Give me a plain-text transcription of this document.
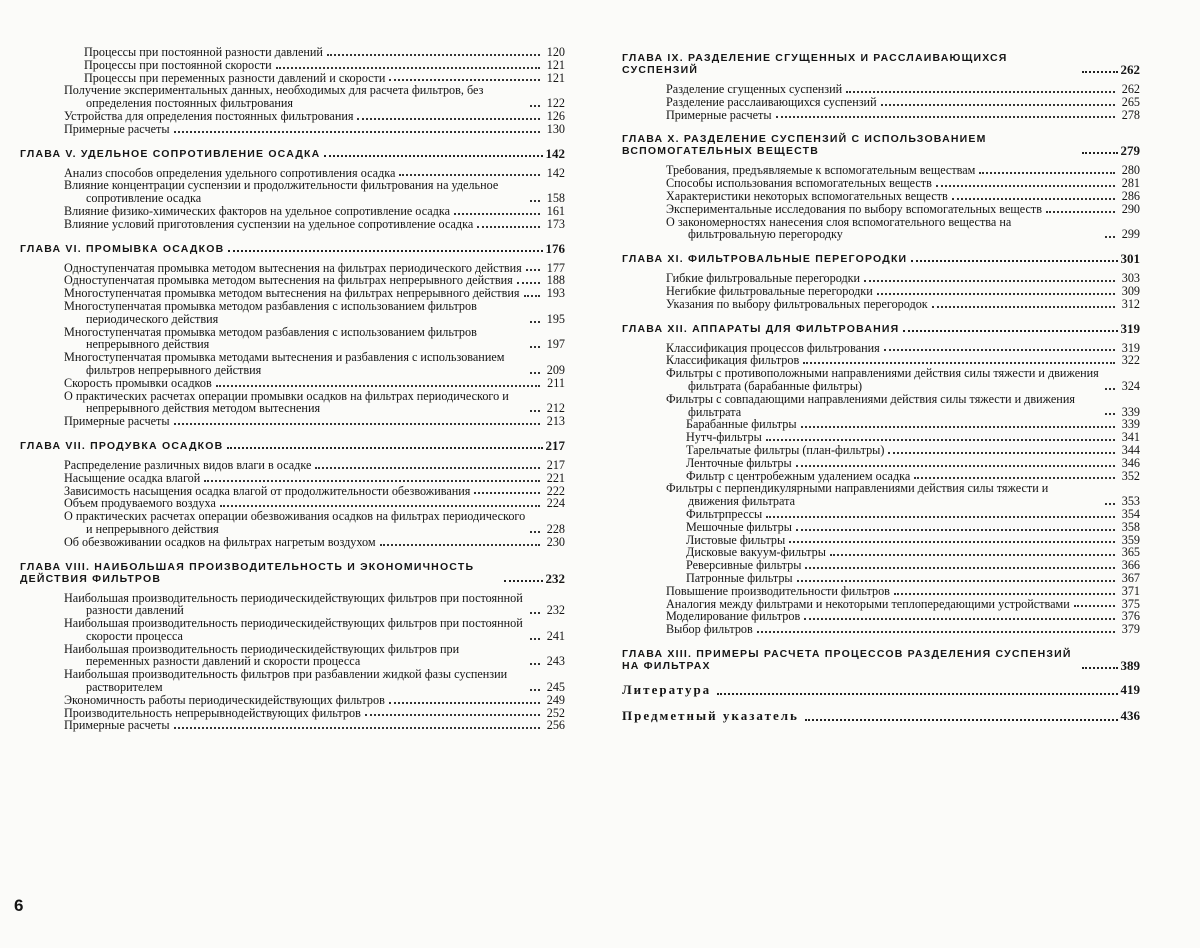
Процессы при постоянной разности давлений	120
Процессы при постоянной скорости	121
Процессы при переменных разности давлений и скорости	121
Получение экспериментальных данных, необходимых для расчета фильтров, без определения постоянных фильтрования	122
Устройства для определения постоянных фильтрования	126
Примерные расчеты	130
ГЛАВА V. УДЕЛЬНОЕ СОПРОТИВЛЕНИЕ ОСАДКА	142
Анализ способов определения удельного сопротивления осадка	142
Влияние концентрации суспензии и продолжительности фильтрования на удельное сопротивление осадка	158
Влияние физико-химических факторов на удельное сопротивление осадка	161
Влияние условий приготовления суспензии на удельное сопротивление осадка	173
ГЛАВА VI. ПРОМЫВКА ОСАДКОВ	176
Одноступенчатая промывка методом вытеснения на фильтрах периодического действия	177
Одноступенчатая промывка методом вытеснения на фильтрах непрерывного действия	188
Многоступенчатая промывка методом вытеснения на фильтрах непрерывного действия	193
Многоступенчатая промывка методом разбавления с использованием фильтров периодического действия	195
Многоступенчатая промывка методом разбавления с использованием фильтров непрерывного действия	197
Многоступенчатая промывка методами вытеснения и разбавления с использованием фильтров непрерывного действия	209
Скорость промывки осадков	211
О практических расчетах операции промывки осадков на фильтрах периодического и непрерывного действия методом вытеснения	212
Примерные расчеты	213
ГЛАВА VII. ПРОДУВКА ОСАДКОВ	217
Распределение различных видов влаги в осадке	217
Насыщение осадка влагой	221
Зависимость насыщения осадка влагой от продолжительности обезвоживания	222
Объем продуваемого воздуха	224
О практических расчетах операции обезвоживания осадков на фильтрах периодического и непрерывного действия	228
Об обезвоживании осадков на фильтрах нагретым воздухом	230
ГЛАВА VIII. НАИБОЛЬШАЯ ПРОИЗВОДИТЕЛЬНОСТЬ И ЭКОНОМИЧНОСТЬ ДЕЙСТВИЯ ФИЛЬТРОВ	232
Наибольшая производительность периодическидействующих фильтров при постоянной разности давлений	232
Наибольшая производительность периодическидействующих фильтров при постоянной скорости процесса	241
Наибольшая производительность периодическидействующих фильтров при переменных разности давлений и скорости процесса	243
Наибольшая производительность фильтров при разбавлении жидкой фазы суспензии растворителем	245
Экономичность работы периодическидействующих фильтров	249
Производительность непрерывнодействующих фильтров	252
Примерные расчеты	256
ГЛАВА IX. РАЗДЕЛЕНИЕ СГУЩЕННЫХ И РАССЛАИВАЮЩИХСЯ СУСПЕНЗИЙ	262
Разделение сгущенных суспензий	262
Разделение расслаивающихся суспензий	265
Примерные расчеты	278
ГЛАВА X. РАЗДЕЛЕНИЕ СУСПЕНЗИЙ С ИСПОЛЬЗОВАНИЕМ ВСПОМОГАТЕЛЬНЫХ ВЕЩЕСТВ	279
Требования, предъявляемые к вспомогательным веществам	280
Способы использования вспомогательных веществ	281
Характеристики некоторых вспомогательных веществ	286
Экспериментальные исследования по выбору вспомогательных веществ	290
О закономерностях нанесения слоя вспомогательного вещества на фильтровальную перегородку	299
ГЛАВА XI. ФИЛЬТРОВАЛЬНЫЕ ПЕРЕГОРОДКИ	301
Гибкие фильтровальные перегородки	303
Негибкие фильтровальные перегородки	309
Указания по выбору фильтровальных перегородок	312
ГЛАВА XII. АППАРАТЫ ДЛЯ ФИЛЬТРОВАНИЯ	319
Классификация процессов фильтрования	319
Классификация фильтров	322
Фильтры с противоположными направлениями действия силы тяжести и движения фильтрата (барабанные фильтры)	324
Фильтры с совпадающими направлениями действия силы тяжести и движения фильтрата	339
Барабанные фильтры	339
Нутч-фильтры	341
Тарельчатые фильтры (план-фильтры)	344
Ленточные фильтры	346
Фильтр с центробежным удалением осадка	352
Фильтры с перпендикулярными направлениями действия силы тяжести и движения фильтрата	353
Фильтрпрессы	354
Мешочные фильтры	358
Листовые фильтры	359
Дисковые вакуум-фильтры	365
Реверсивные фильтры	366
Патронные фильтры	367
Повышение производительности фильтров	371
Аналогия между фильтрами и некоторыми теплопередающими устройствами	375
Моделирование фильтров	376
Выбор фильтров	379
ГЛАВА XIII. ПРИМЕРЫ РАСЧЕТА ПРОЦЕССОВ РАЗДЕЛЕНИЯ СУСПЕНЗИЙ НА ФИЛЬТРАХ	389
Литература	419
Предметный указатель	436
6
